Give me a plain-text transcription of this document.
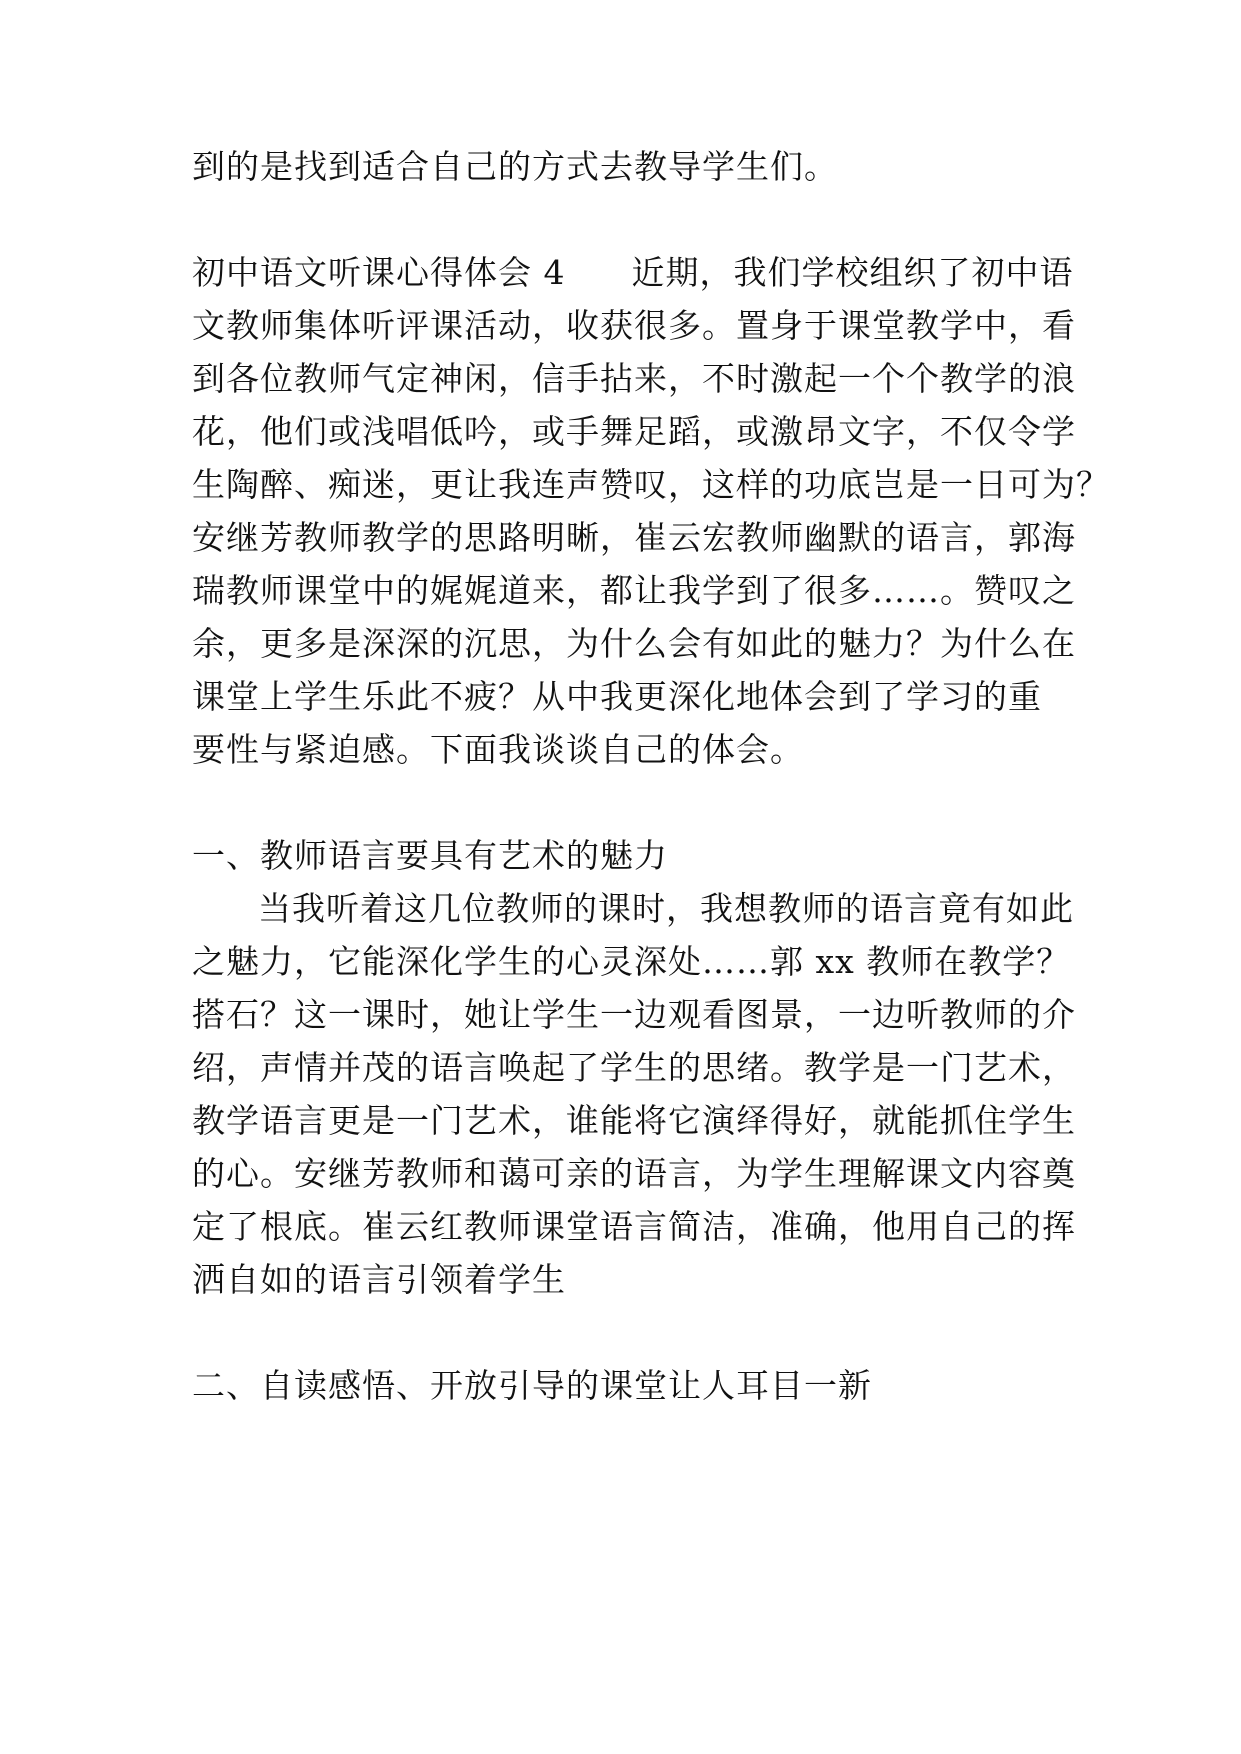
到的是找到适合自己的方式去教导学生们。
初中语文听课心得体会 4 近期，我们学校组织了初中语
文教师集体听评课活动，收获很多。置身于课堂教学中，看
到各位教师气定神闲，信手拈来，不时激起一个个教学的浪
花，他们或浅唱低吟，或手舞足蹈，或激昂文字，不仅令学
生陶醉、痴迷，更让我连声赞叹，这样的功底岂是一日可为？
安继芳教师教学的思路明晰，崔云宏教师幽默的语言，郭海
瑞教师课堂中的娓娓道来，都让我学到了很多……。赞叹之
余，更多是深深的沉思，为什么会有如此的魅力？为什么在
课堂上学生乐此不疲？从中我更深化地体会到了学习的重
要性与紧迫感。下面我谈谈自己的体会。
一、教师语言要具有艺术的魅力
当我听着这几位教师的课时，我想教师的语言竟有如此
之魅力，它能深化学生的心灵深处……郭 xx 教师在教学？
搭石？这一课时，她让学生一边观看图景，一边听教师的介
绍，声情并茂的语言唤起了学生的思绪。教学是一门艺术，
教学语言更是一门艺术，谁能将它演绎得好，就能抓住学生
的心。安继芳教师和蔼可亲的语言，为学生理解课文内容奠
定了根底。崔云红教师课堂语言简洁，准确，他用自己的挥
洒自如的语言引领着学生
二、自读感悟、开放引导的课堂让人耳目一新
